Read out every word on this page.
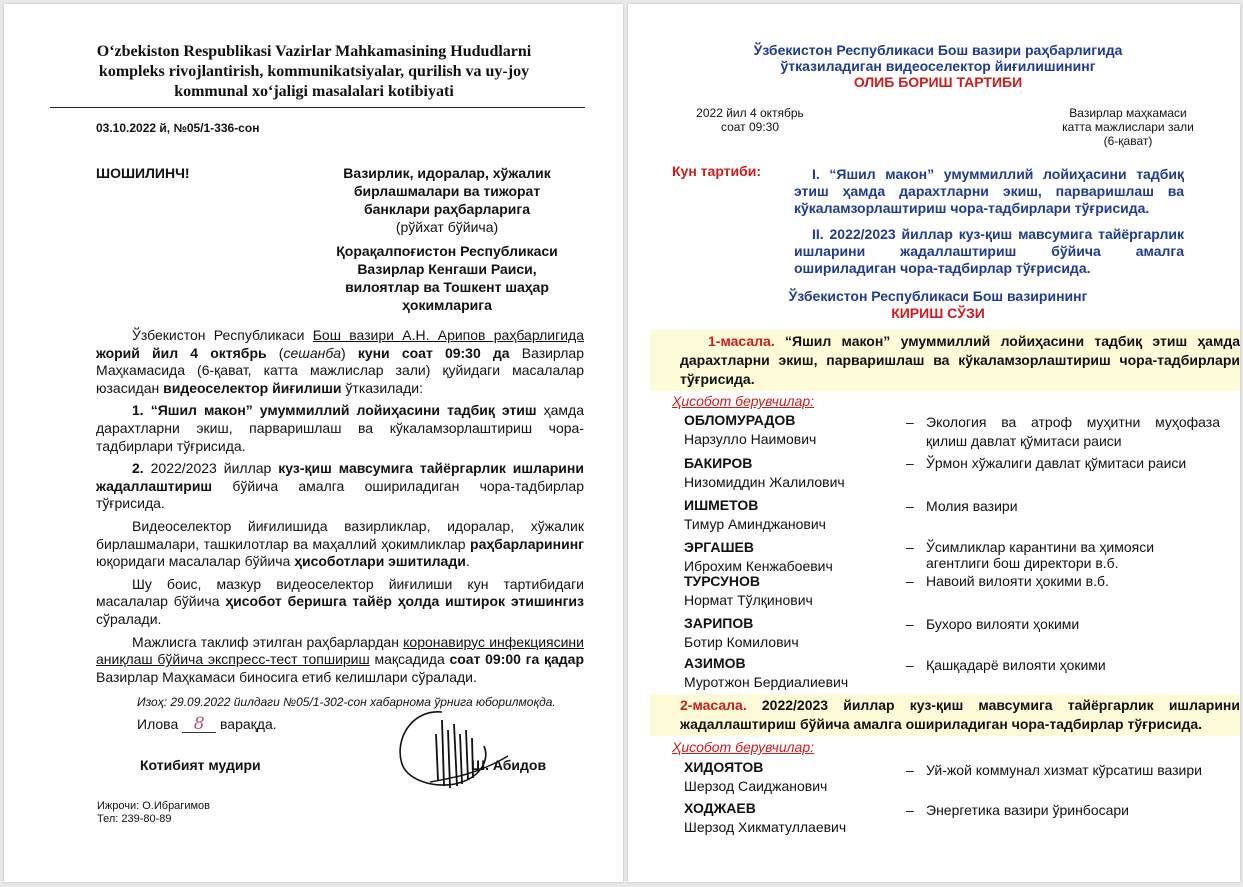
O‘zbekiston Respublikasi Vazirlar Mahkamasining Hududlarni
kompleks rivojlantirish, kommunikatsiyalar, qurilish va uy-joy
kommunal xo‘jaligi masalalari kotibiyati
03.10.2022 й, №05/1-336-сон
ШОШИЛИНЧ!	Вазирлик, идоралар, хўжалик
бирлашмалари ва тижорат
банклари раҳбарларига
(рўйхат бўйича)
Қорақалпоғистон Республикаси
Вазирлар Кенгаши Раиси,
вилоятлар ва Тошкент шаҳар
ҳокимларига

Ўзбекистон Республикаси Бош вазири А.Н. Арипов раҳбарлигида жорий йил 4 октябрь (сешанба) куни соат 09:30 да Вазирлар Маҳкамасида (6-қават, катта мажлислар зали) қуйидаги масалалар юзасидан видеоселектор йиғилиши ўтказилади:

1. “Яшил макон” умуммиллий лойиҳасини тадбиқ этиш ҳамда дарахтларни экиш, парваришлаш ва кўкаламзорлаштириш чора-тадбирлари тўғрисида.

2. 2022/2023 йиллар куз-қиш мавсумига тайёргарлик ишларини жадаллаштириш бўйича амалга ошириладиган чора-тадбирлар тўғрисида.

Видеоселектор йиғилишида вазирликлар, идоралар, хўжалик бирлашмалари, ташкилотлар ва маҳаллий ҳокимликлар раҳбарларининг юқоридаги масалалар бўйича ҳисоботлари эшитилади.

Шу боис, мазкур видеоселектор йиғилиши кун тартибидаги масалалар бўйича ҳисобот беришга тайёр ҳолда иштирок этишингиз сўралади.

Мажлисга таклиф этилган раҳбарлардан коронавирус инфекциясини аниқлаш бўйича экспресс-тест топшириш мақсадида соат 09:00 га қадар Вазирлар Маҳкамаси биносига етиб келишлари сўралади.

Изоҳ: 29.09.2022 йилдаги №05/1-302-сон хабарнома ўрнига юборилмоқда.
Илова 8 варақда.
Котибият мудири	Ш. Абидов
Ижрочи: О.Ибрагимов
Тел: 239-80-89
Ўзбекистон Республикаси Бош вазири раҳбарлигида
ўтказиладиган видеоселектор йиғилишининг
ОЛИБ БОРИШ ТАРТИБИ
2022 йил 4 октябрь
соат 09:30
Вазирлар маҳкамаси
катта мажлислари зали
(6-қават)
Кун тартиби:	I. “Яшил макон” умуммиллий лойиҳасини тадбиқ этиш ҳамда дарахтларни экиш, парваришлаш ва кўкаламзорлаштириш чора-тадбирлари тўғрисида.
II. 2022/2023 йиллар куз-қиш мавсумига тайёргарлик ишларини жадаллаштириш бўйича амалга ошириладиган чора-тадбирлар тўғрисида.
Ўзбекистон Республикаси Бош вазирининг
КИРИШ СЎЗИ
1-масала. “Яшил макон” умуммиллий лойиҳасини тадбиқ этиш ҳамда дарахтларни экиш, парваришлаш ва кўкаламзорлаштириш чора-тадбирлари тўғрисида.
Ҳисобот берувчилар:
ОБЛОМУРАДОВ
Нарзулло Наимович
– Экология ва атроф муҳитни муҳофаза қилиш давлат қўмитаси раиси
БАКИРОВ
Низомиддин Жалилович
– Ўрмон хўжалиги давлат қўмитаси раиси
ИШМЕТОВ
Тимур Аминджанович
– Молия вазири
ЭРГАШЕВ
Иброхим Кенжабоевич
– Ўсимликлар карантини ва ҳимояси агентлиги бош директори в.б.
ТУРСУНОВ
Нормат Тўлқинович
– Навоий вилояти ҳокими в.б.
ЗАРИПОВ
Ботир Комилович
– Бухоро вилояти ҳокими
АЗИМОВ
Муротжон Бердиалиевич
– Қашқадарё вилояти ҳокими
2-масала. 2022/2023 йиллар куз-қиш мавсумига тайёргарлик ишларини жадаллаштириш бўйича амалга ошириладиган чора-тадбирлар тўғрисида.
Ҳисобот берувчилар:
ХИДОЯТОВ
Шерзод Саиджанович
– Уй-жой коммунал хизмат кўрсатиш вазири
ХОДЖАЕВ
Шерзод Хикматуллаевич
– Энергетика вазири ўринбосари
